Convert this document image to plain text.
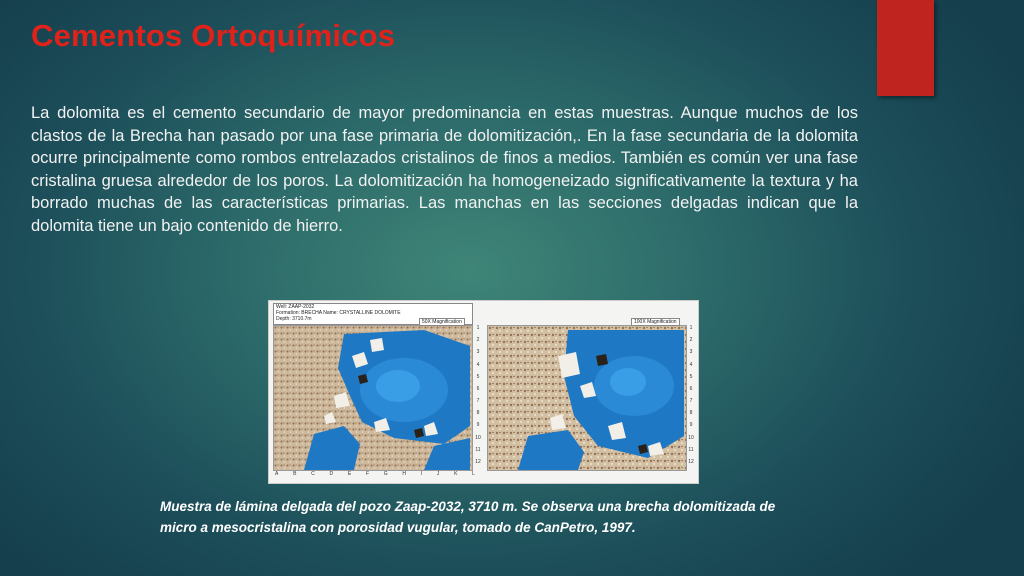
Cementos Ortoquímicos

La dolomita es el cemento secundario de mayor predominancia en estas muestras. Aunque muchos de los clastos de la Brecha han pasado por una fase primaria de dolomitización,. En la fase secundaria de la dolomita ocurre principalmente como rombos entrelazados cristalinos de finos a medios. También es común ver una fase cristalina gruesa alrededor de los poros. La dolomitización ha homogeneizado significativamente la textura y ha borrado muchas de las características primarias. Las manchas en las secciones delgadas indican que la dolomita tiene un bajo contenido de hierro.

Well: ZAAP-2032
Formation: BRECHA Name: CRYSTALLINE DOLOMITE
Depth: 3710.7m	50X Magnification	100X Magnification
1
2
3
4
5
6
7
8
9
10
11
12
1
2
3
4
5
6
7
8
9
10
11
12
A	B	C	D	E	F	G	H	I	J	K	L

Muestra de lámina delgada del pozo Zaap-2032, 3710 m. Se observa una brecha dolomitizada de
micro a mesocristalina con porosidad vugular, tomado de CanPetro, 1997.
